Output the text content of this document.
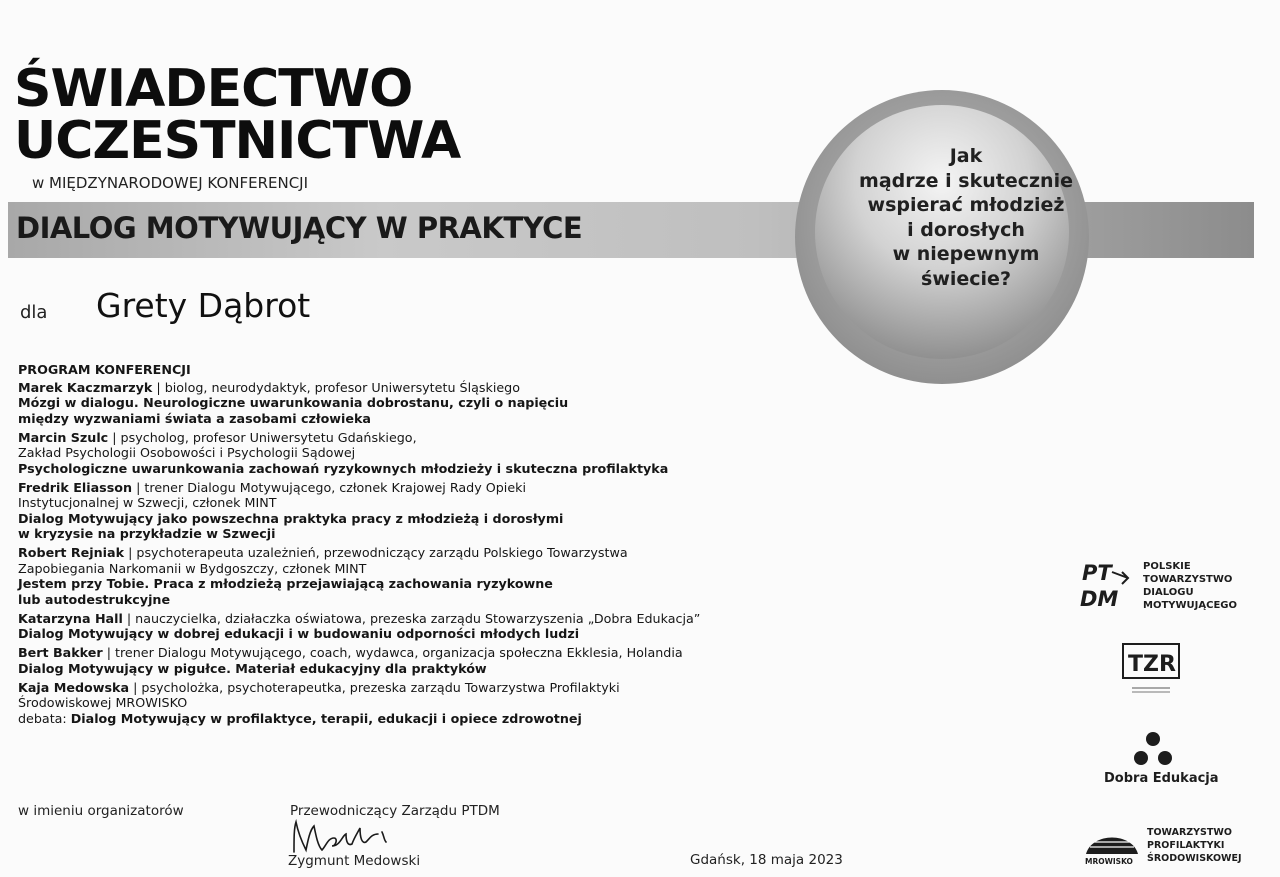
ŚWIADECTWO
UCZESTNICTWA
w MIĘDZYNARODOWEJ KONFERENCJI
DIALOG MOTYWUJĄCY W PRAKTYCE
Jak
mądrze i skutecznie
wspierać młodzież
i dorosłych
w niepewnym
świecie?
dla Grety Dąbrot
PROGRAM KONFERENCJI
Marek Kaczmarzyk | biolog, neurodydaktyk, profesor Uniwersytetu Śląskiego
Mózgi w dialogu. Neurologiczne uwarunkowania dobrostanu, czyli o napięciu
między wyzwaniami świata a zasobami człowieka
Marcin Szulc | psycholog, profesor Uniwersytetu Gdańskiego,
Zakład Psychologii Osobowości i Psychologii Sądowej
Psychologiczne uwarunkowania zachowań ryzykownych młodzieży i skuteczna profilaktyka
Fredrik Eliasson | trener Dialogu Motywującego, członek Krajowej Rady Opieki
Instytucjonalnej w Szwecji, członek MINT
Dialog Motywujący jako powszechna praktyka pracy z młodzieżą i dorosłymi
w kryzysie na przykładzie w Szwecji
Robert Rejniak | psychoterapeuta uzależnień, przewodniczący zarządu Polskiego Towarzystwa
Zapobiegania Narkomanii w Bydgoszczy, członek MINT
Jestem przy Tobie. Praca z młodzieżą przejawiającą zachowania ryzykowne
lub autodestrukcyjne
Katarzyna Hall | nauczycielka, działaczka oświatowa, prezeska zarządu Stowarzyszenia „Dobra Edukacja”
Dialog Motywujący w dobrej edukacji i w budowaniu odporności młodych ludzi
Bert Bakker | trener Dialogu Motywującego, coach, wydawca, organizacja społeczna Ekklesia, Holandia
Dialog Motywujący w pigułce. Materiał edukacyjny dla praktyków
Kaja Medowska | psycholożka, psychoterapeutka, prezeska zarządu Towarzystwa Profilaktyki
Środowiskowej MROWISKO
debata: Dialog Motywujący w profilaktyce, terapii, edukacji i opiece zdrowotnej
w imieniu organizatorów	Przewodniczący Zarządu PTDM
Zygmunt Medowski	Gdańsk, 18 maja 2023
PT
DM
POLSKIE
TOWARZYSTWO
DIALOGU
MOTYWUJĄCEGO
TZR
Dobra Edukacja
MROWISKO
TOWARZYSTWO
PROFILAKTYKI
ŚRODOWISKOWEJ
